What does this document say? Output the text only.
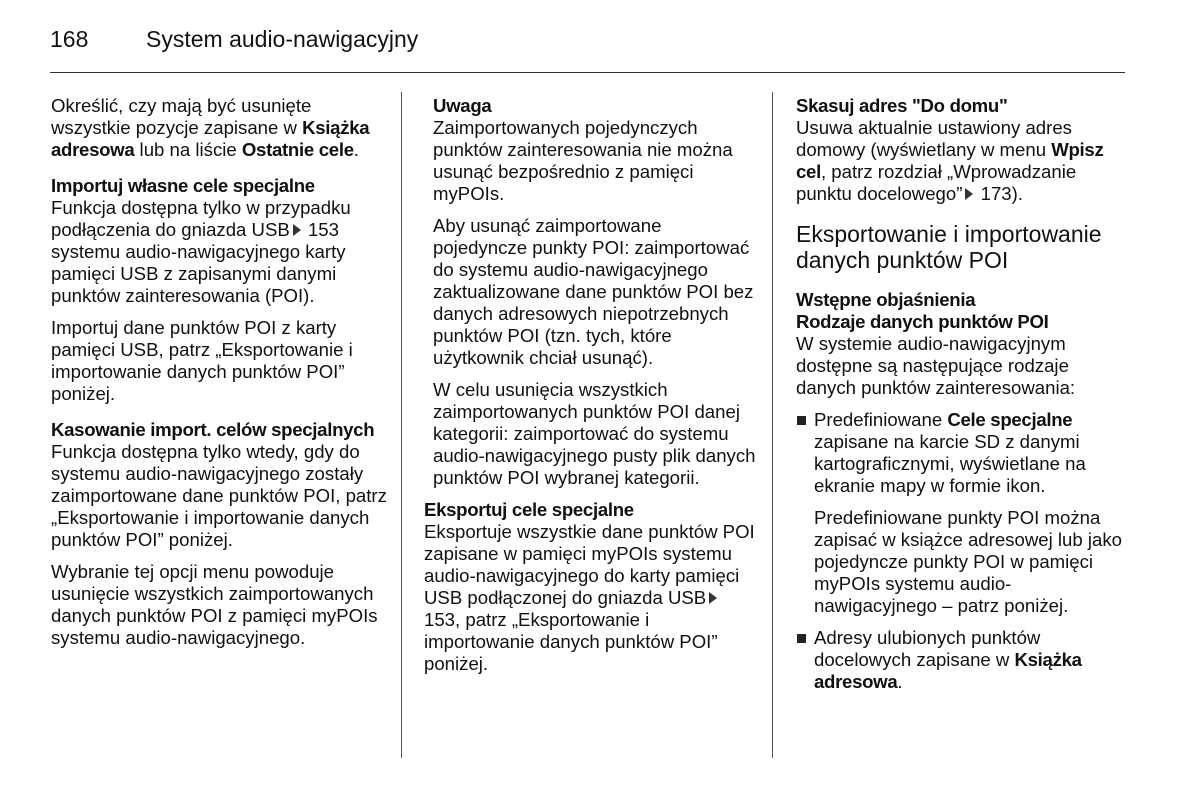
168	System audio-nawigacyjny

Określić, czy mają być usunięte wszystkie pozycje zapisane w Książka adresowa lub na liście Ostatnie cele.

Importuj własne cele specjalne
Funkcja dostępna tylko w przypadku podłączenia do gniazda USB 153 systemu audio-nawigacyjnego karty pamięci USB z zapisanymi danymi punktów zainteresowania (POI).

Importuj dane punktów POI z karty pamięci USB, patrz „Eksportowanie i importowanie danych punktów POI” poniżej.

Kasowanie import. celów specjalnych
Funkcja dostępna tylko wtedy, gdy do systemu audio-nawigacyjnego zostały zaimportowane dane punktów POI, patrz „Eksportowanie i importowanie danych punktów POI” poniżej.

Wybranie tej opcji menu powoduje usunięcie wszystkich zaimportowanych danych punktów POI z pamięci myPOIs systemu audio-nawigacyjnego.

Uwaga
Zaimportowanych pojedynczych punktów zainteresowania nie można usunąć bezpośrednio z pamięci myPOIs.

Aby usunąć zaimportowane pojedyncze punkty POI: zaimportować do systemu audio-nawigacyjnego zaktualizowane dane punktów POI bez danych adresowych niepotrzebnych punktów POI (tzn. tych, które użytkownik chciał usunąć).

W celu usunięcia wszystkich zaimportowanych punktów POI danej kategorii: zaimportować do systemu audio-nawigacyjnego pusty plik danych punktów POI wybranej kategorii.

Eksportuj cele specjalne
Eksportuje wszystkie dane punktów POI zapisane w pamięci myPOIs systemu audio-nawigacyjnego do karty pamięci USB podłączonej do gniazda USB 153, patrz „Eksportowanie i importowanie danych punktów POI” poniżej.

Skasuj adres "Do domu"
Usuwa aktualnie ustawiony adres domowy (wyświetlany w menu Wpisz cel, patrz rozdział „Wprowadzanie punktu docelowego” 173).

Eksportowanie i importowanie danych punktów POI

Wstępne objaśnienia
Rodzaje danych punktów POI
W systemie audio-nawigacyjnym dostępne są następujące rodzaje danych punktów zainteresowania:

Predefiniowane Cele specjalne zapisane na karcie SD z danymi kartograficznymi, wyświetlane na ekranie mapy w formie ikon.

Predefiniowane punkty POI można zapisać w książce adresowej lub jako pojedyncze punkty POI w pamięci myPOIs systemu audio-nawigacyjnego – patrz poniżej.

Adresy ulubionych punktów docelowych zapisane w Książka adresowa.
